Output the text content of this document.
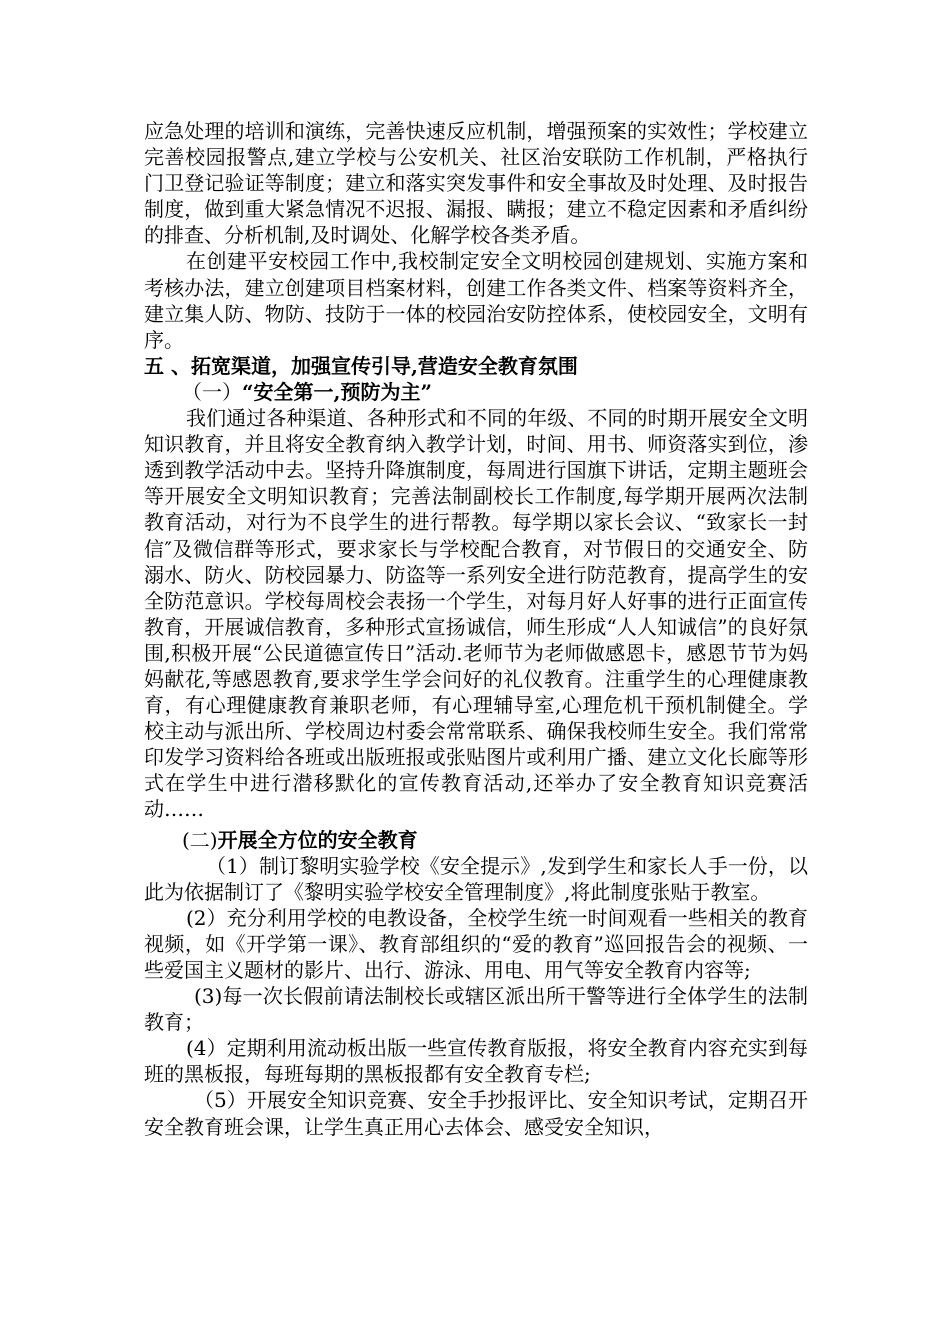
应急处理的培训和演练，完善快速反应机制，增强预案的实效性；学校建立完善校园报警点,建立学校与公安机关、社区治安联防工作机制，严格执行门卫登记验证等制度；建立和落实突发事件和安全事故及时处理、及时报告制度，做到重大紧急情况不迟报、漏报、瞒报；建立不稳定因素和矛盾纠纷的排查、分析机制,及时调处、化解学校各类矛盾。

在创建平安校园工作中,我校制定安全文明校园创建规划、实施方案和考核办法，建立创建项目档案材料，创建工作各类文件、档案等资料齐全，建立集人防、物防、技防于一体的校园治安防控体系，使校园安全，文明有序。

五 、拓宽渠道，加强宣传引导,营造安全教育氛围

（一）“安全第一,预防为主”

我们通过各种渠道、各种形式和不同的年级、不同的时期开展安全文明知识教育，并且将安全教育纳入教学计划，时间、用书、师资落实到位，渗透到教学活动中去。坚持升降旗制度，每周进行国旗下讲话，定期主题班会等开展安全文明知识教育；完善法制副校长工作制度,每学期开展两次法制教育活动，对行为不良学生的进行帮教。每学期以家长会议、“致家长一封信″及微信群等形式，要求家长与学校配合教育，对节假日的交通安全、防溺水、防火、防校园暴力、防盗等一系列安全进行防范教育，提高学生的安全防范意识。学校每周校会表扬一个学生，对每月好人好事的进行正面宣传教育，开展诚信教育，多种形式宣扬诚信，师生形成“人人知诚信”的良好氛围,积极开展“公民道德宣传日”活动.老师节为老师做感恩卡，感恩节节为妈妈献花,等感恩教育,要求学生学会问好的礼仪教育。注重学生的心理健康教育，有心理健康教育兼职老师，有心理辅导室,心理危机干预机制健全。学校主动与派出所、学校周边村委会常常联系、确保我校师生安全。我们常常印发学习资料给各班或出版班报或张贴图片或利用广播、建立文化长廊等形式在学生中进行潜移默化的宣传教育活动,还举办了安全教育知识竞赛活动……

(二)开展全方位的安全教育

（1）制订黎明实验学校《安全提示》,发到学生和家长人手一份，以此为依据制订了《黎明实验学校安全管理制度》,将此制度张贴于教室。

(2）充分利用学校的电教设备，全校学生统一时间观看一些相关的教育视频，如《开学第一课》、教育部组织的“爱的教育”巡回报告会的视频、一些爱国主义题材的影片、出行、游泳、用电、用气等安全教育内容等;

(3)每一次长假前请法制校长或辖区派出所干警等进行全体学生的法制教育；

(4）定期利用流动板出版一些宣传教育版报，将安全教育内容充实到每班的黑板报，每班每期的黑板报都有安全教育专栏;

（5）开展安全知识竞赛、安全手抄报评比、安全知识考试，定期召开安全教育班会课，让学生真正用心去体会、感受安全知识，
